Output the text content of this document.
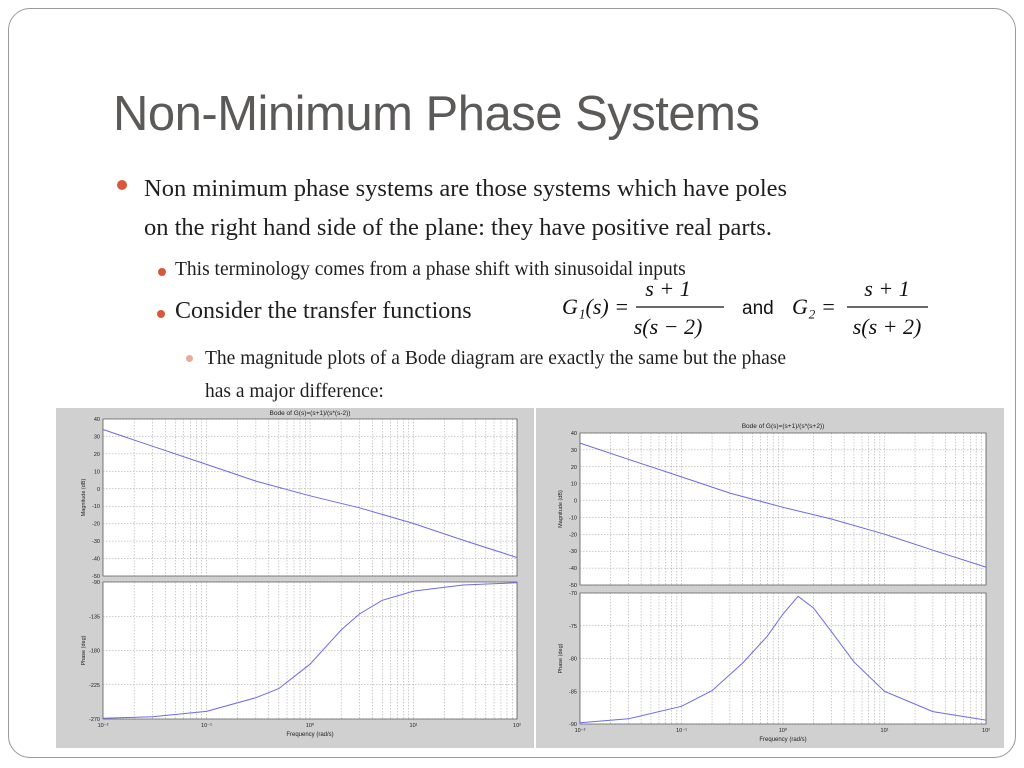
Non-Minimum Phase Systems
Non minimum phase systems are those systems which have poles
on the right hand side of the plane: they have positive real parts.
This terminology comes from a phase shift with sinusoidal inputs
Consider the transfer functions	G₁(s) =
s + 1
s(s − 2)
and G₂ =
s + 1
s(s + 2)
The magnitude plots of a Bode diagram are exactly the same but the phase
has a major difference:
Bode of G(s)=(s+1)/(s*(s-2))
40
30
20
10
0
-10
-20
-30
-40
-50
Magnitude (dB)
-90
-135
-180
-225
-270
Phase (deg)
10⁻²	10⁻¹	10⁰	10¹	10²
Frequency (rad/s)
Bode of G(s)=(s+1)/(s*(s+2))
40
30
20
10
0
-10
-20
-30
-40
-50
Magnitude (dB)
-70
-75
-80
-85
-90
Phase (deg)
10⁻²	10⁻¹	10⁰	10¹	10²
Frequency (rad/s)
